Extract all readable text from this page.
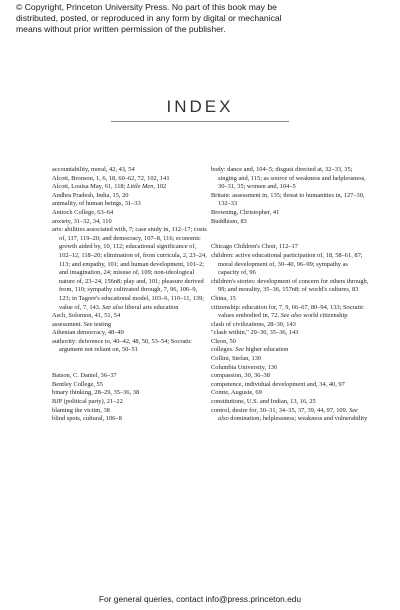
© Copyright, Princeton University Press. No part of this book may be
distributed, posted, or reproduced in any form by digital or mechanical
means without prior written permission of the publisher.
INDEX
accountability, moral, 42, 43, 54
Alcott, Bronson, 1, 6, 18, 60–62, 72, 102, 141
Alcott, Louisa May, 61, 118; Little Men, 102
Andhra Pradesh, India, 15, 20
animality, of human beings, 31–33
Antioch College, 63–64
anxiety, 31–32, 34, 110
arts: abilities associated with, 7; case study in, 112–17; costs of, 117, 119–20; and democracy, 107–8, 116; economic growth aided by, 10, 112; educational significance of, 102–12, 118–20; elimination of, from curricula, 2, 23–24, 113; and empathy, 101; and human development, 101–2; and imagination, 24; misuse of, 109; non-ideological nature of, 23–24, 156n8; play and, 101; pleasure derived from, 110; sympathy cultivated through, 7, 96, 106–9, 123; in Tagore's educational model, 103–6, 110–11, 139; value of, 7, 143. See also liberal arts education
Asch, Solomon, 41, 51, 54
assessment. See testing
Athenian democracy, 48–49
authority: deference to, 40–42, 48, 50, 53–54; Socratic argument not reliant on, 50–51
Batson, C. Daniel, 36–37
Bentley College, 55
binary thinking, 28–29, 35–36, 38
BJP (political party), 21–22
blaming the victim, 38
blind spots, cultural, 106–8
body: dance and, 104–5; disgust directed at, 32–33, 35; singing and, 115; as source of weakness and helplessness, 30–31, 35; women and, 104–5
Britain: assessment in, 135; threat to humanities in, 127–30, 132–33
Browning, Christopher, 41
Buddhism, 83
Chicago Children's Choir, 112–17
children: active educational participation of, 18, 58–61, 87; moral development of, 30–40, 96–99; sympathy as capacity of, 96
children's stories: development of concern for others through, 99; and morality, 35–36, 157n8; of world's cultures, 83
China, 15
citizenship: education for, 7, 9, 66–67, 80–94, 133; Socratic values embodied in, 72. See also world citizenship
clash of civilizations, 28–30, 143
"clash within," 29–30, 35–36, 143
Cleon, 50
colleges. See higher education
Collini, Stefan, 130
Columbia University, 136
compassion, 30, 36–38
competence, individual development and, 34, 40, 97
Comte, Auguste, 69
constitutions, U.S. and Indian, 13, 16, 25
control, desire for, 30–31, 34–35, 37, 39, 44, 97, 109. See also domination; helplessness; weakness and vulnerability
For general queries, contact info@press.princeton.edu
